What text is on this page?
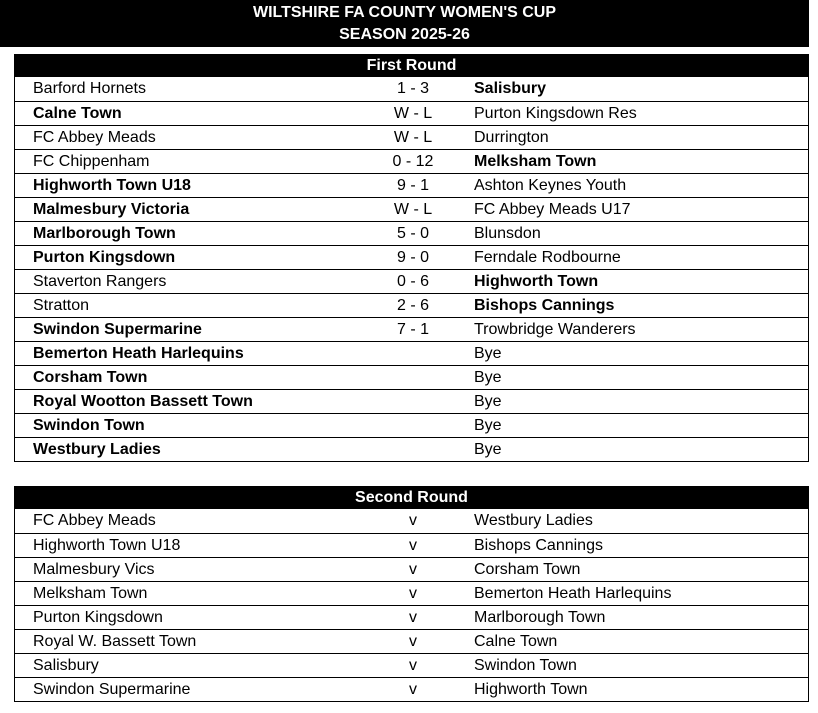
WILTSHIRE FA COUNTY WOMEN'S CUP
SEASON 2025-26
First Round
Barford Hornets	1 - 3	Salisbury
Calne Town	W - L	Purton Kingsdown Res
FC Abbey Meads	W - L	Durrington
FC Chippenham	0 - 12	Melksham Town
Highworth Town U18	9 - 1	Ashton Keynes Youth
Malmesbury Victoria	W - L	FC Abbey Meads U17
Marlborough Town	5 - 0	Blunsdon
Purton Kingsdown	9 - 0	Ferndale Rodbourne
Staverton Rangers	0 - 6	Highworth Town
Stratton	2 - 6	Bishops Cannings
Swindon Supermarine	7 - 1	Trowbridge Wanderers
Bemerton Heath Harlequins	Bye
Corsham Town	Bye
Royal Wootton Bassett Town	Bye
Swindon Town	Bye
Westbury Ladies	Bye
Second Round
FC Abbey Meads	v	Westbury Ladies
Highworth Town U18	v	Bishops Cannings
Malmesbury Vics	v	Corsham Town
Melksham Town	v	Bemerton Heath Harlequins
Purton Kingsdown	v	Marlborough Town
Royal W. Bassett Town	v	Calne Town
Salisbury	v	Swindon Town
Swindon Supermarine	v	Highworth Town
